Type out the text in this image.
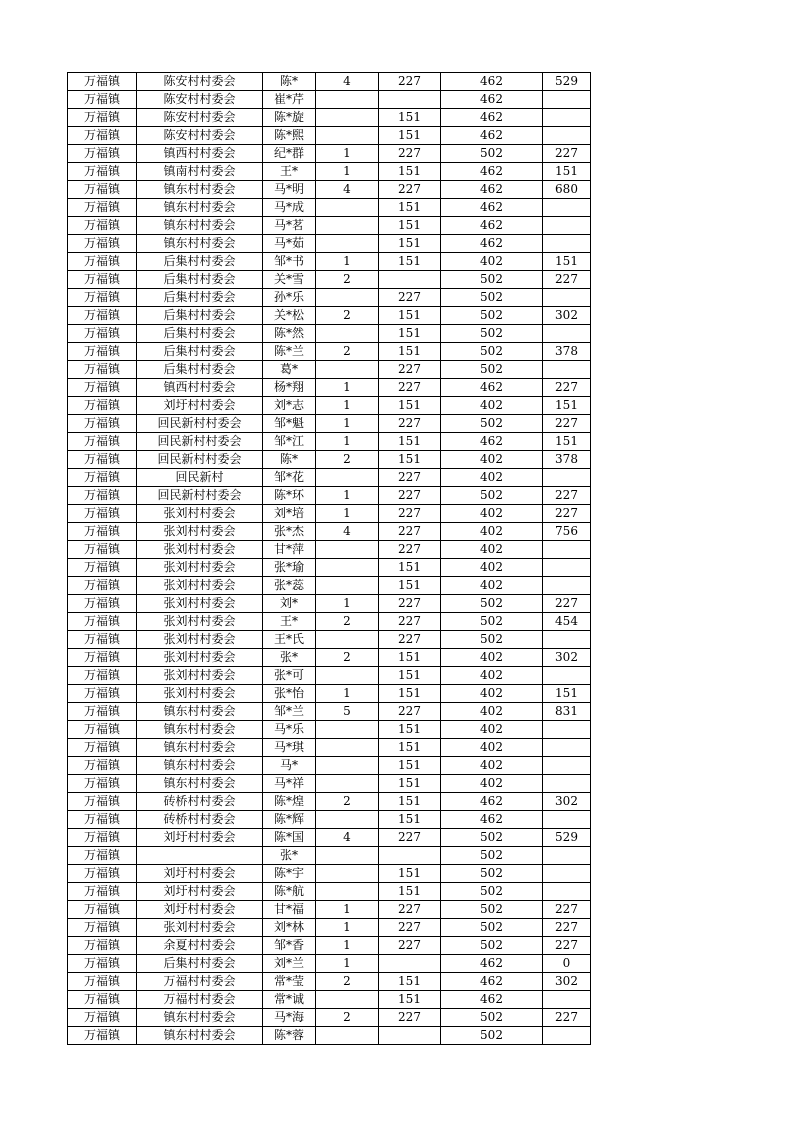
万福镇	陈安村村委会	陈*	4	227	462	529
万福镇	陈安村村委会	崔*芹			462	
万福镇	陈安村村委会	陈*旋		151	462	
万福镇	陈安村村委会	陈*熙		151	462	
万福镇	镇西村村委会	纪*群	1	227	502	227
万福镇	镇南村村委会	王*	1	151	462	151
万福镇	镇东村村委会	马*明	4	227	462	680
万福镇	镇东村村委会	马*成		151	462	
万福镇	镇东村村委会	马*茗		151	462	
万福镇	镇东村村委会	马*茹		151	462	
万福镇	后集村村委会	邹*书	1	151	402	151
万福镇	后集村村委会	关*雪	2		502	227
万福镇	后集村村委会	孙*乐		227	502	
万福镇	后集村村委会	关*松	2	151	502	302
万福镇	后集村村委会	陈*然		151	502	
万福镇	后集村村委会	陈*兰	2	151	502	378
万福镇	后集村村委会	葛*		227	502	
万福镇	镇西村村委会	杨*翔	1	227	462	227
万福镇	刘圩村村委会	刘*志	1	151	402	151
万福镇	回民新村村委会	邹*魁	1	227	502	227
万福镇	回民新村村委会	邹*江	1	151	462	151
万福镇	回民新村村委会	陈*	2	151	402	378
万福镇	回民新村	邹*花		227	402	
万福镇	回民新村村委会	陈*环	1	227	502	227
万福镇	张刘村村委会	刘*培	1	227	402	227
万福镇	张刘村村委会	张*杰	4	227	402	756
万福镇	张刘村村委会	甘*萍		227	402	
万福镇	张刘村村委会	张*瑜		151	402	
万福镇	张刘村村委会	张*蕊		151	402	
万福镇	张刘村村委会	刘*	1	227	502	227
万福镇	张刘村村委会	王*	2	227	502	454
万福镇	张刘村村委会	王*氏		227	502	
万福镇	张刘村村委会	张*	2	151	402	302
万福镇	张刘村村委会	张*可		151	402	
万福镇	张刘村村委会	张*怡	1	151	402	151
万福镇	镇东村村委会	邹*兰	5	227	402	831
万福镇	镇东村村委会	马*乐		151	402	
万福镇	镇东村村委会	马*琪		151	402	
万福镇	镇东村村委会	马*		151	402	
万福镇	镇东村村委会	马*祥		151	402	
万福镇	砖桥村村委会	陈*煌	2	151	462	302
万福镇	砖桥村村委会	陈*辉		151	462	
万福镇	刘圩村村委会	陈*国	4	227	502	529
万福镇		张*			502	
万福镇	刘圩村村委会	陈*宇		151	502	
万福镇	刘圩村村委会	陈*航		151	502	
万福镇	刘圩村村委会	甘*福	1	227	502	227
万福镇	张刘村村委会	刘*林	1	227	502	227
万福镇	余夏村村委会	邹*香	1	227	502	227
万福镇	后集村村委会	刘*兰	1		462	0
万福镇	万福村村委会	常*莹	2	151	462	302
万福镇	万福村村委会	常*诚		151	462	
万福镇	镇东村村委会	马*海	2	227	502	227
万福镇	镇东村村委会	陈*蓉			502	
